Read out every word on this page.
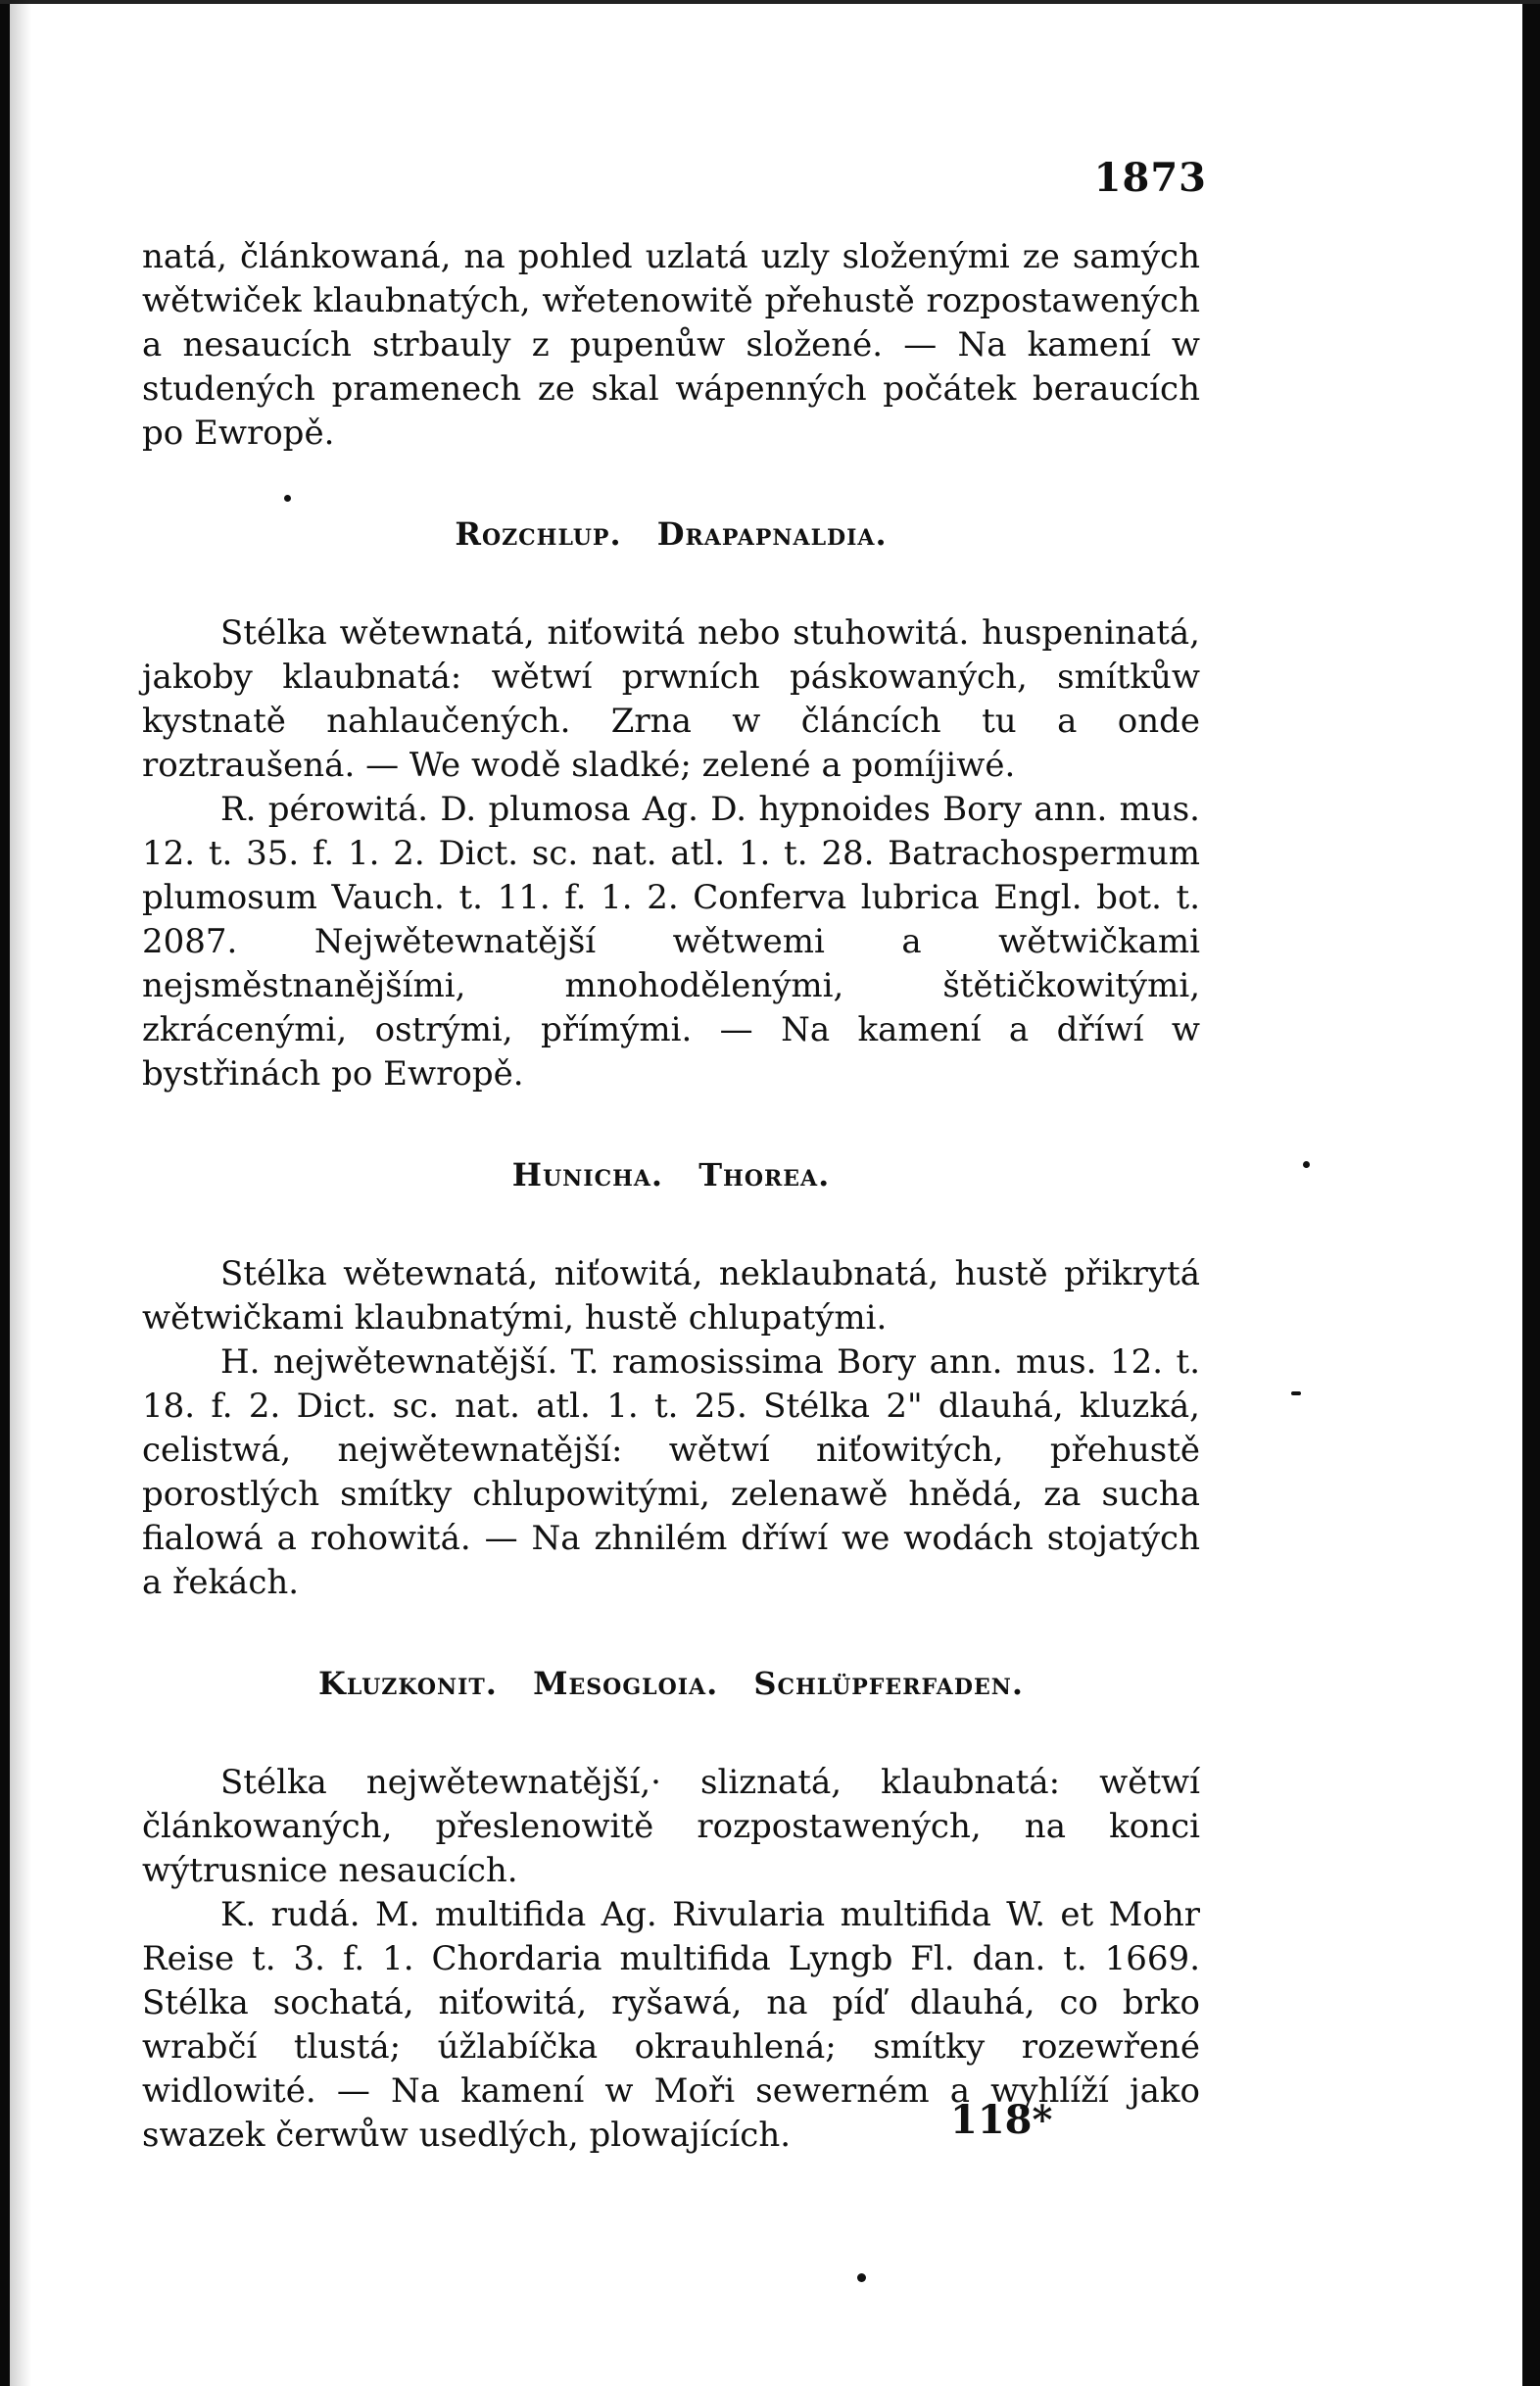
1873

natá, článkowaná, na pohled uzlatá uzly složenými ze samých wětwiček klaubnatých, wřetenowitě přehustě rozpostawených a nesaucích strbauly z pupenůw složené. — Na kamení w studených pramenech ze skal wápenných počátek beraucích po Ewropě.

Rozchlup. Drapapnaldia.

Stélka wětewnatá, niťowitá nebo stuhowitá. huspeninatá, jakoby klaubnatá: wětwí prwních páskowaných, smítkůw kystnatě nahlaučených. Zrna w článcích tu a onde roztraušená. — We wodě sladké; zelené a pomíjiwé.

R. pérowitá. D. plumosa Ag. D. hypnoides Bory ann. mus. 12. t. 35. f. 1. 2. Dict. sc. nat. atl. 1. t. 28. Batrachospermum plumosum Vauch. t. 11. f. 1. 2. Conferva lubrica Engl. bot. t. 2087. Nejwětewnatější wětwemi a wětwičkami nejsměstnanějšími, mnohodělenými, štětičkowitými, zkrácenými, ostrými, přímými. — Na kamení a dříwí w bystřinách po Ewropě.

Hunicha. Thorea.

Stélka wětewnatá, niťowitá, neklaubnatá, hustě přikrytá wětwičkami klaubnatými, hustě chlupatými.

H. nejwětewnatější. T. ramosissima Bory ann. mus. 12. t. 18. f. 2. Dict. sc. nat. atl. 1. t. 25. Stélka 2" dlauhá, kluzká, celistwá, nejwětewnatější: wětwí niťowitých, přehustě porostlých smítky chlupowitými, zelenawě hnědá, za sucha fialowá a rohowitá. — Na zhnilém dříwí we wodách stojatých a řekách.

Kluzkonit. Mesogloia. Schlüpferfaden.

Stélka nejwětewnatější,· sliznatá, klaubnatá: wětwí článkowaných, přeslenowitě rozpostawených, na konci wýtrusnice nesaucích.

K. rudá. M. multifida Ag. Rivularia multifida W. et Mohr Reise t. 3. f. 1. Chordaria multifida Lyngb Fl. dan. t. 1669. Stélka sochatá, niťowitá, ryšawá, na píď dlauhá, co brko wrabčí tlustá; úžlabíčka okrauhlená; smítky rozewřené widlowité. — Na kamení w Moři sewerném a wyhlíží jako swazek čerwůw usedlých, plowajících.	118*
